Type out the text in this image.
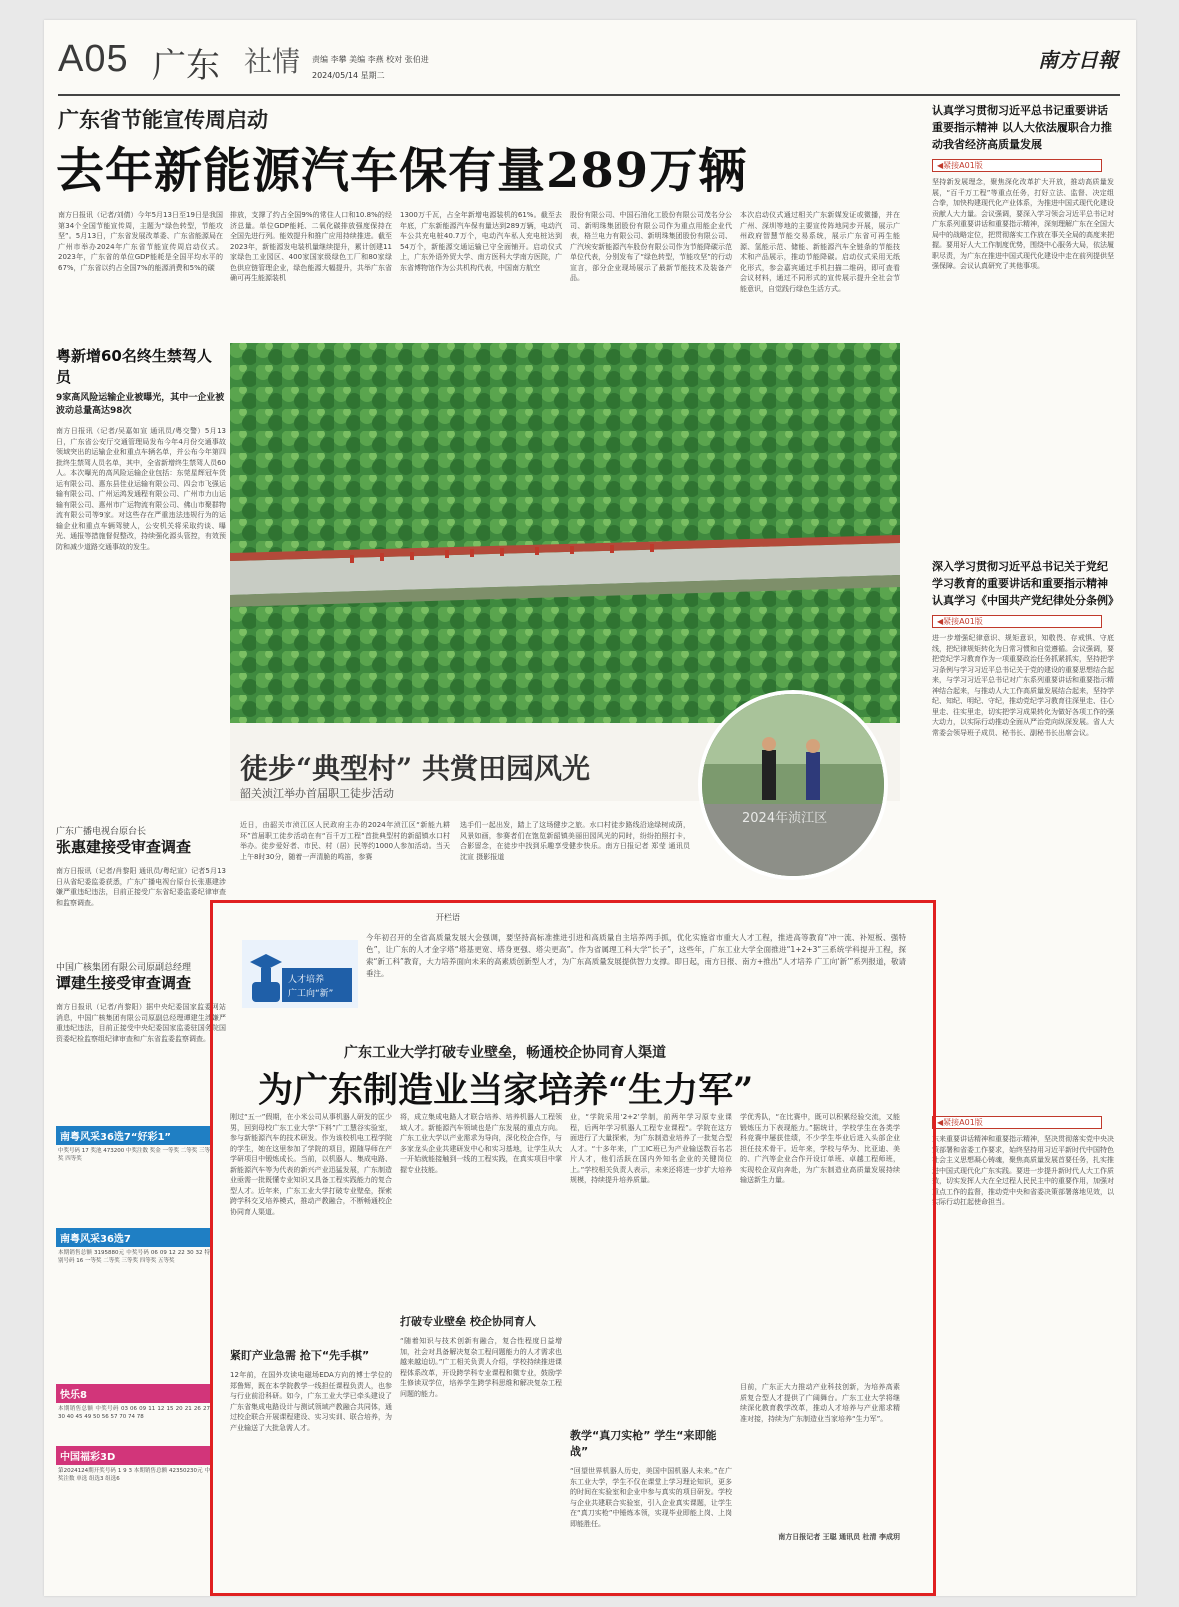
A05 广东 社情 责编 李攀 美编 李燕 校对 张伯进
2024/05/14 星期二
南方日報
广东省节能宣传周启动
去年新能源汽车保有量289万辆
南方日报讯（记者/刘倩）今年5月13日至19日是我国第34个全国节能宣传周，主题为“绿色转型，节能攻坚”。5月13日，广东省发展改革委、广东省能源局在广州市举办2024年广东省节能宣传周启动仪式。2023年，广东省的单位GDP能耗是全国平均水平的67%，广东省以约占全国7%的能源消费和5%的碳
排放，支撑了约占全国9%的常住人口和10.8%的经济总量。单位GDP能耗、二氧化碳排放强度保持在全国先进行列。能效提升和推广应用持续推进。截至2023年，新能源发电装机量继续提升，累计创建11家绿色工业园区、400家国家级绿色工厂和80家绿色供应链管理企业，绿色能源大幅提升，共举广东省确可再生能源装机
1300万千瓦，占全年新增电源装机的61%。截至去年底，广东新能源汽车保有量达到289万辆，电动汽车公共充电桩40.7万个，电动汽车私人充电桩达到54万个，新能源交通运输已守全面铺开。启动仪式上，广东外语外贸大学、南方医科大学南方医院，广东省博物馆作为公共机构代表，中国南方航空
股份有限公司、中国石油化工股份有限公司茂名分公司、新明珠集团股份有限公司作为重点用能企业代表，格兰电力有限公司、新明珠集团股份有限公司、广汽埃安新能源汽车股份有限公司作为节能降碳示范单位代表，分别发布了“绿色转型，节能攻坚”的行动宣言，部分企业现场展示了最新节能技术及装备产品。
本次启动仪式通过相关广东新媒发证或微播，并在广州、深圳等地的主要宣传阵地同步开展，展示广州政府智慧节能交易系统，展示广东省可再生能源、氢能示范、储能、新能源汽车全链条的节能技术和产品展示，推动节能降碳。启动仪式采用无纸化形式，参会嘉宾通过手机扫描二维码，即可查看会议材料，通过不同形式的宣传展示提升全社会节能意识，自觉践行绿色生活方式。
粤新增60名终生禁驾人员
9家高风险运输企业被曝光，其中一企业被波动总量高达98次
南方日报讯（记者/吴嘉如宣 通讯员/粤交警）5月13日，广东省公安厅交通管理局发布今年4月份交通事故领域突出的运输企业和重点车辆名单，并公布今年第四批终生禁驾人员名单，其中，全省新增终生禁驾人员60人。本次曝光的高风险运输企业包括：东莞星辉冠车货运有限公司、惠东县佳业运输有限公司、四会市飞强运输有限公司、广州运鸿发通程有限公司、广州市力山运输有限公司、惠州市广运物流有限公司、佛山市聚群物流有限公司等9家。对这些存在严重违法违规行为的运输企业和重点车辆驾驶人，公安机关将采取约谈、曝光、通报等措施督促整改，持续强化源头管控，有效预防和减少道路交通事故的发生。
广东广播电视台原台长
张惠建接受审查调查
南方日报讯（记者/肖黎阳 通讯员/粤纪宣）记者5月13日从省纪委监委获悉，广东广播电视台原台长张惠建涉嫌严重违纪违法，目前正接受广东省纪委监委纪律审查和监察调查。
中国广核集团有限公司原副总经理
谭建生接受审查调查
南方日报讯（记者/肖黎阳）据中央纪委国家监委网站消息，中国广核集团有限公司原副总经理谭建生涉嫌严重违纪违法，目前正接受中央纪委国家监委驻国务院国资委纪检监察组纪律审查和广东省监委监察调查。
南粤风采36选7“好彩1”
中奖号码 17 奖池 473200 中奖注数 奖金 一等奖 二等奖 三等奖 四等奖
南粤风采36选7
本期销售总额 3195880元 中奖号码 06 09 12 22 30 32 特别号码 16 一等奖 二等奖 三等奖 四等奖 五等奖
快乐8
本期销售总额 中奖号码 03 06 09 11 12 15 20 21 26 27 30 40 45 49 50 56 57 70 74 78
中国福彩3D
第2024124期开奖号码 1 9 3 本期销售总额 42350230元 中奖注数 单选 组选3 组选6
徒步“典型村” 共赏田园风光
韶关浈江举办首届职工徒步活动
近日，由韶关市浈江区人民政府主办的2024年浈江区“新能九耕环”首届职工徒步活动在有“百千万工程”首批典型村的新韶镇水口村举办。徒步爱好者、市民、村（居）民等约1000人参加活动。当天上午8时30分，随着一声清脆的鸣笛，参赛
选手们一起出发，踏上了这场健步之旅。水口村徒步路线沿途绿树成荫，风景如画，参赛者们在饱览新韶镇美丽田园风光的同时，纷纷拍照打卡，合影留念，在徒步中找到乐趣享受健步快乐。南方日报记者 郑莹 通讯员 沈宣 摄影报道
2024年浈江区
认真学习贯彻习近平总书记重要讲话重要指示精神 以人大依法履职合力推动我省经济高质量发展
◀紧接A01版
坚持新发展理念，聚焦深化改革扩大开放，推动高质量发展，“百千万工程”等重点任务，打好立法、监督、决定组合拳，加快构建现代化产业体系，为推进中国式现代化建设贡献人大力量。会议强调，要深入学习领会习近平总书记对广东系列重要讲话和重要指示精神，深刻理解广东在全国大局中的战略定位，把贯彻落实工作放在事关全局的高度来把握。要用好人大工作制度优势，围绕中心服务大局，依法履职尽责，为广东在推进中国式现代化建设中走在前列提供坚强保障。会议认真研究了其他事项。
深入学习贯彻习近平总书记关于党纪学习教育的重要讲话和重要指示精神 认真学习《中国共产党纪律处分条例》
◀紧接A01版
进一步增强纪律意识、规矩意识，知敬畏、存戒惧、守底线，把纪律规矩转化为日常习惯和自觉遵循。会议强调，要把党纪学习教育作为一项重要政治任务抓紧抓实，坚持把学习条例与学习习近平总书记关于党的建设的重要思想结合起来，与学习习近平总书记对广东系列重要讲话和重要指示精神结合起来，与推动人大工作高质量发展结合起来，坚持学纪、知纪、明纪、守纪，推动党纪学习教育往深里走、往心里走、往实里走，切实把学习成果转化为做好各项工作的强大动力，以实际行动推动全面从严治党向纵深发展。省人大常委会领导班子成员、秘书长、副秘书长出席会议。
◀紧接A01版
东来重要讲话精神和重要指示精神，坚决贯彻落实党中央决策部署和省委工作要求，始终坚持用习近平新时代中国特色社会主义思想凝心铸魂，聚焦高质量发展首要任务，扎实推进中国式现代化广东实践。要进一步提升新时代人大工作质效，切实发挥人大在全过程人民民主中的重要作用，加强对重点工作的监督，推动党中央和省委决策部署落地见效，以实际行动扛起使命担当。
开栏语
人才培养
广工向“新”
今年初召开的全省高质量发展大会强调，要坚持高标准推进引进和高质量自主培养两手抓，优化实施省市重大人才工程，推进高等教育“冲一流、补短板、强特色”，让广东的人才金字塔“塔基更宽、塔身更强、塔尖更高”。作为省属理工科大学“长子”，这些年，广东工业大学全面推进“1+2+3”三系统学科提升工程，探索“新工科”教育，大力培养面向未来的高素质创新型人才，为广东高质量发展提供智力支撑。即日起，南方日报、南方+推出“人才培养 广工向‘新’”系列报道，敬请垂注。
广东工业大学打破专业壁垒，畅通校企协同育人渠道
为广东制造业当家培养“生力军”
刚过“五一”假期，在小米公司从事机器人研发的匡少男，回到母校广东工业大学“下料”广工慧谷实验室，参与新能源汽车的技术研发。作为该校机电工程学院的学生，她在这里参加了学院的项目，跟随导师在产学研项目中锻炼成长。当前，以机器人、集成电路、新能源汽车等为代表的新兴产业迅猛发展，广东制造业亟需一批既懂专业知识又具备工程实践能力的复合型人才。近年来，广东工业大学打破专业壁垒，探索跨学科交叉培养模式，推动产教融合，不断畅通校企协同育人渠道。
紧盯产业急需 抢下“先手棋”
12年前，在国外攻读电磁场EDA方向的博士学位的郑鲁辉，既在本学院教学一线担任课程负责人，也参与行业前沿科研。如今，广东工业大学已牵头建设了广东省集成电路设计与测试领域产教融合共同体，通过校企联合开展课程建设、实习实训、联合培养，为产业输送了大批急需人才。
将，成立集成电路人才联合培养、培养机器人工程领域人才。新能源汽车领域也是广东发展的重点方向。广东工业大学以产业需求为导向，深化校企合作，与多家龙头企业共建研发中心和实习基地，让学生从大一开始就能接触到一线的工程实践，在真实项目中掌握专业技能。
打破专业壁垒 校企协同育人
“随着知识与技术创新有融合，复合性程度日益增加，社会对具备解决复杂工程问题能力的人才需求也越来越迫切。”广工相关负责人介绍，学校持续推进课程体系改革，开设跨学科专业课程和微专业，鼓励学生修读双学位，培养学生跨学科思维和解决复杂工程问题的能力。
业，“学院采用‘2+2’学制，前两年学习原专业课程，后两年学习机器人工程专业课程”。学院在这方面进行了大量探索，为广东制造业培养了一批复合型人才。“十多年来，广工IC班已为产业输送数百名芯片人才，他们活跃在国内外知名企业的关键岗位上。”学校相关负责人表示，未来还将进一步扩大培养规模，持续提升培养质量。
教学“真刀实枪” 学生“来即能战”
“回望世界机器人历史，美国中国机器人未来。”在广东工业大学，学生不仅在课堂上学习理论知识，更多的时间在实验室和企业中参与真实的项目研发。学校与企业共建联合实验室，引入企业真实课题，让学生在“真刀实枪”中锤炼本领，实现毕业即能上岗、上岗即能胜任。
学优秀队，“在比赛中，既可以积累经验交流，又能锻炼压力下表现能力。”据统计，学校学生在各类学科竞赛中屡获佳绩，不少学生毕业后进入头部企业担任技术骨干。近年来，学校与华为、比亚迪、美的、广汽等企业合作开设订单班、卓越工程师班，实现校企双向奔赴，为广东制造业高质量发展持续输送新生力量。
目前，广东正大力推动产业科技创新，为培养高素质复合型人才提供了广阔舞台。广东工业大学将继续深化教育教学改革，推动人才培养与产业需求精准对接，持续为广东制造业当家培养“生力军”。
南方日报记者 王聪 通讯员 杜清 李成玥
